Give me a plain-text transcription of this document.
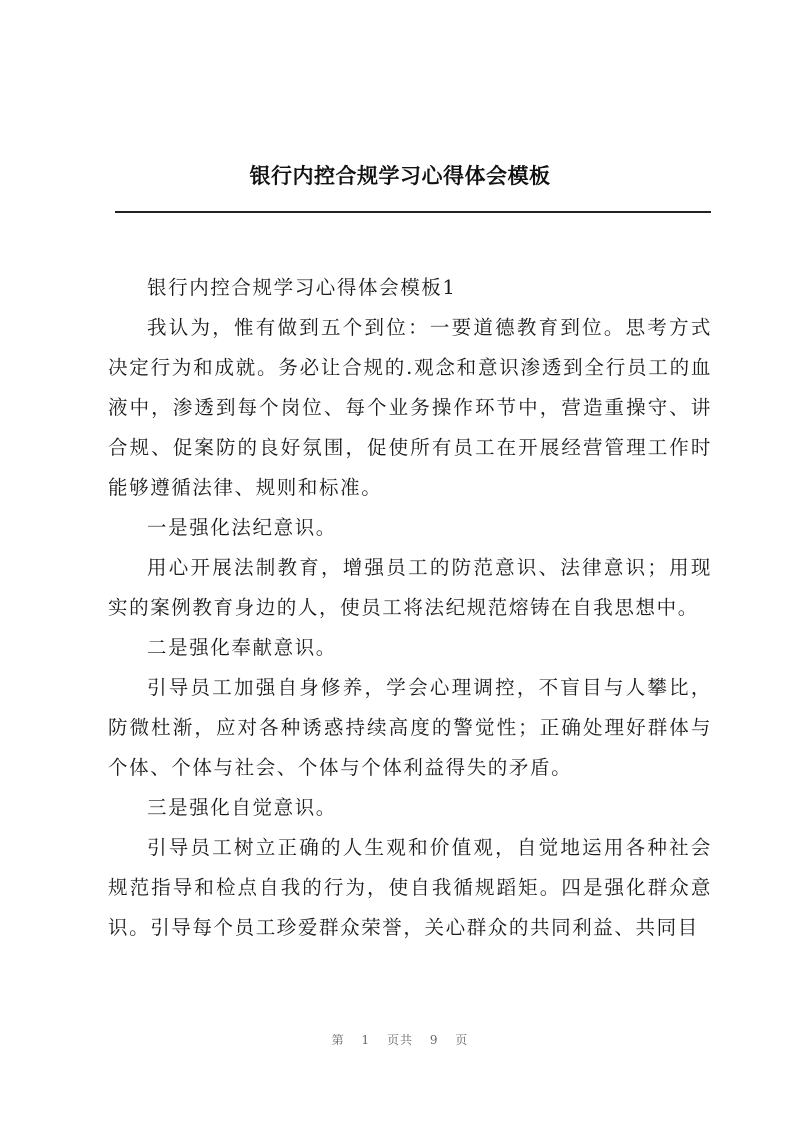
银行内控合规学习心得体会模板

银行内控合规学习心得体会模板1

我认为，惟有做到五个到位：一要道德教育到位。思考方式决定行为和成就。务必让合规的.观念和意识渗透到全行员工的血液中，渗透到每个岗位、每个业务操作环节中，营造重操守、讲合规、促案防的良好氛围，促使所有员工在开展经营管理工作时能够遵循法律、规则和标准。

一是强化法纪意识。

用心开展法制教育，增强员工的防范意识、法律意识；用现实的案例教育身边的人，使员工将法纪规范熔铸在自我思想中。

二是强化奉献意识。

引导员工加强自身修养，学会心理调控，不盲目与人攀比，防微杜渐，应对各种诱惑持续高度的警觉性；正确处理好群体与个体、个体与社会、个体与个体利益得失的矛盾。

三是强化自觉意识。

引导员工树立正确的人生观和价值观，自觉地运用各种社会规范指导和检点自我的行为，使自我循规蹈矩。四是强化群众意识。引导每个员工珍爱群众荣誉，关心群众的共同利益、共同目

第 1 页共 9 页
